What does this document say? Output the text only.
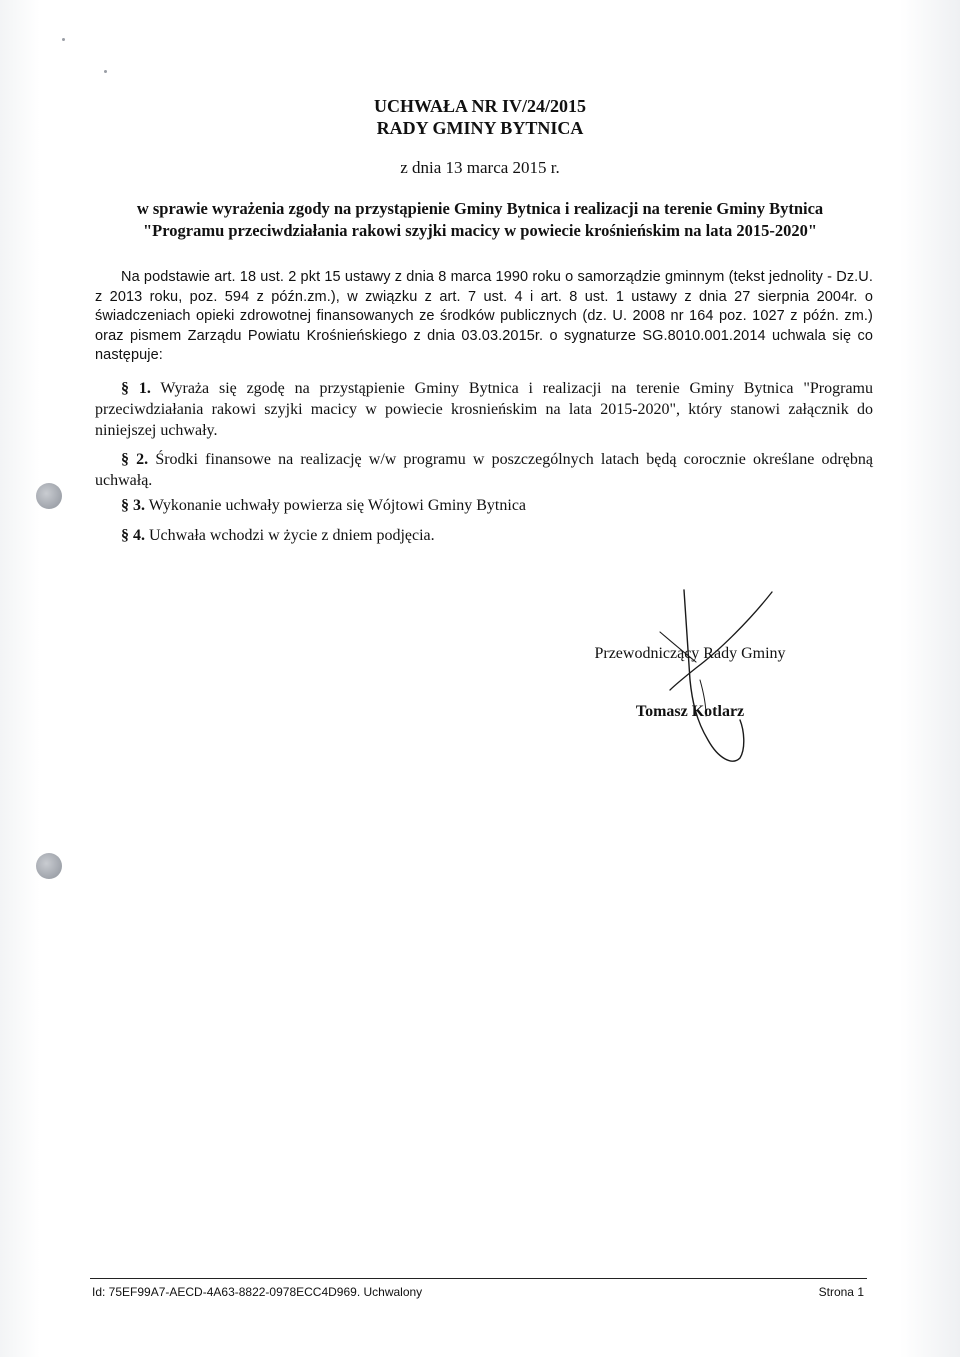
UCHWAŁA NR IV/24/2015
RADY GMINY BYTNICA
z dnia 13 marca 2015 r.
w sprawie wyrażenia zgody na przystąpienie Gminy Bytnica i realizacji na terenie Gminy Bytnica
"Programu przeciwdziałania rakowi szyjki macicy w powiecie krośnieńskim na lata 2015-2020"
Na podstawie art. 18 ust. 2 pkt 15 ustawy z dnia 8 marca 1990 roku o samorządzie gminnym (tekst jednolity - Dz.U. z 2013 roku, poz. 594 z późn.zm.), w związku z art. 7 ust. 4 i art. 8 ust. 1 ustawy z dnia 27 sierpnia 2004r. o świadczeniach opieki zdrowotnej finansowanych ze środków publicznych (dz. U. 2008 nr 164 poz. 1027 z późn. zm.) oraz pismem Zarządu Powiatu Krośnieńskiego z dnia 03.03.2015r. o sygnaturze SG.8010.001.2014 uchwala się co następuje:
§ 1. Wyraża się zgodę na przystąpienie Gminy Bytnica i realizacji na terenie Gminy Bytnica "Programu przeciwdziałania rakowi szyjki macicy w powiecie krosnieńskim na lata 2015-2020", który stanowi załącznik do niniejszej uchwały.
§ 2. Środki finansowe na realizację w/w programu w poszczególnych latach będą corocznie określane odrębną uchwałą.
§ 3. Wykonanie uchwały powierza się Wójtowi Gminy Bytnica
§ 4. Uchwała wchodzi w życie z dniem podjęcia.
Przewodniczący Rady Gminy
Tomasz Kotlarz
Id: 75EF99A7-AECD-4A63-8822-0978ECC4D969. Uchwalony	Strona 1
